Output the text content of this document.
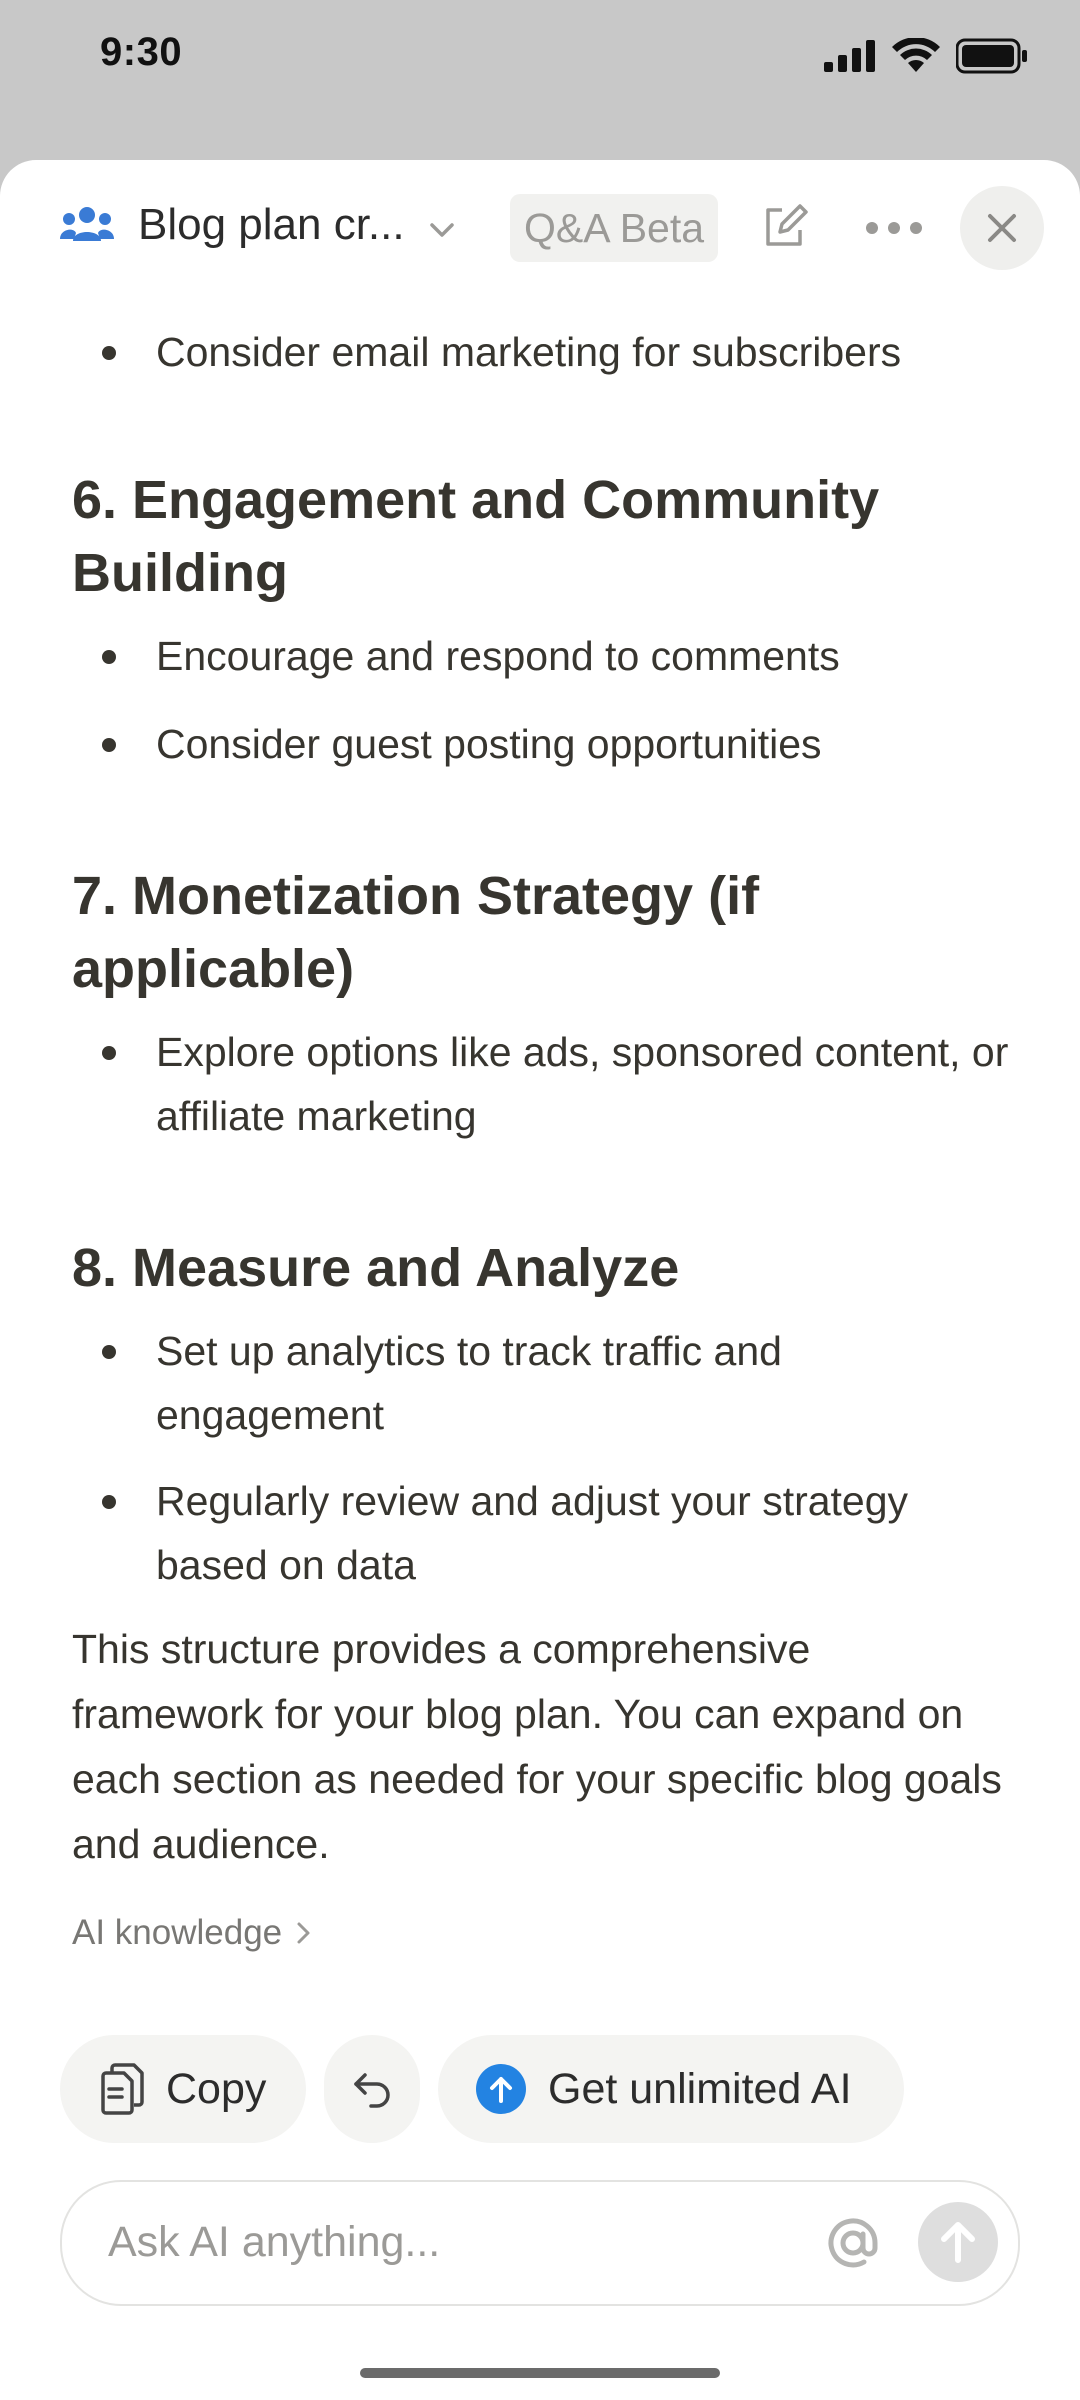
9:30
Blog plan cr...	Q&A Beta
Consider email marketing for subscribers
6. Engagement and Community Building
Encourage and respond to comments
Consider guest posting opportunities
7. Monetization Strategy (if applicable)
Explore options like ads, sponsored content, or affiliate marketing
8. Measure and Analyze
Set up analytics to track traffic and engagement
Regularly review and adjust your strategy based on data
This structure provides a comprehensive framework for your blog plan. You can expand on each section as needed for your specific blog goals and audience.
AI knowledge
Copy	Get unlimited AI
Ask AI anything...
